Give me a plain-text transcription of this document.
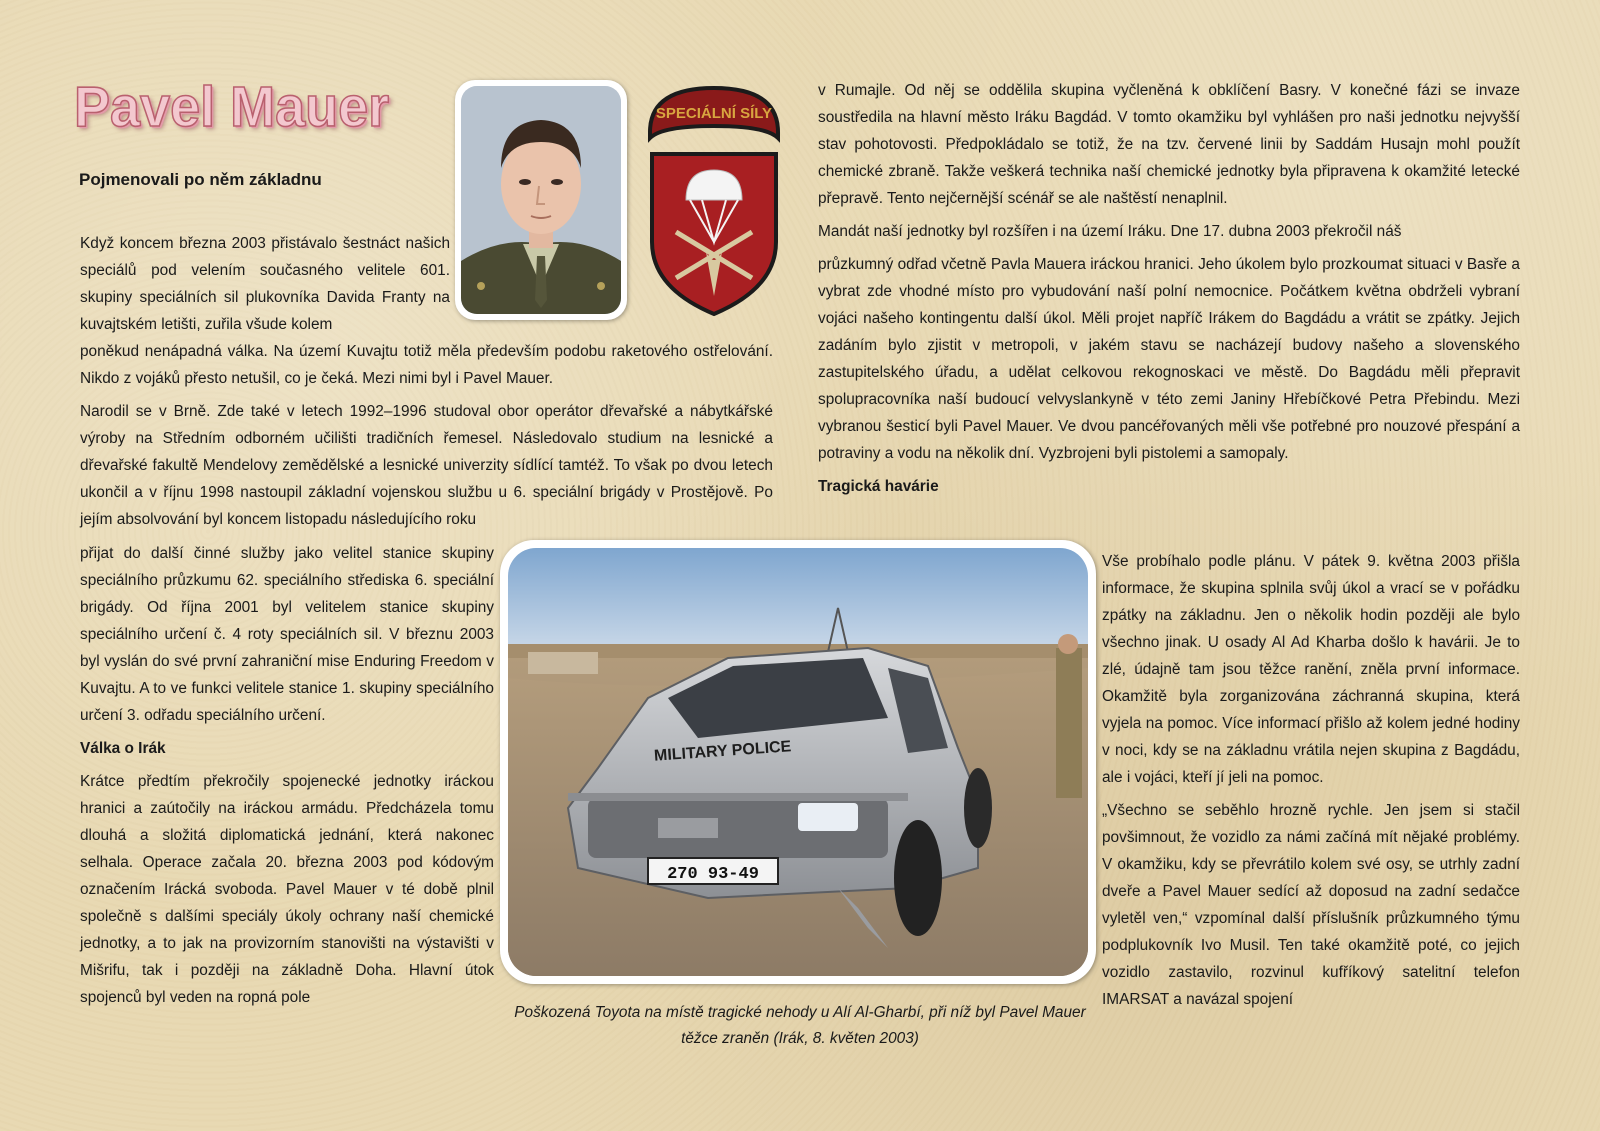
Pavel Mauer
Pojmenovali po něm základnu
SPECIÁLNÍ SÍLY
Když koncem března 2003 přistávalo šestnáct našich speciálů pod velením současného velitele 601. skupiny speciálních sil plukovníka Davida Franty na kuvajtském letišti, zuřila všude kolem

poněkud nenápadná válka. Na území Kuvajtu totiž měla především podobu raketového ostřelování. Nikdo z vojáků přesto netušil, co je čeká. Mezi nimi byl i Pavel Mauer.

Narodil se v Brně. Zde také v letech 1992–1996 studoval obor operátor dřevařské a nábytkářské výroby na Středním odborném učilišti tradičních řemesel. Následovalo studium na lesnické a dřevařské fakultě Mendelovy zemědělské a lesnické univerzity sídlící tamtéž. To však po dvou letech ukončil a v říjnu 1998 nastoupil základní vojenskou službu u 6. speciální brigády v Prostějově. Po jejím absolvování byl koncem listopadu následujícího roku

přijat do další činné služby jako velitel stanice skupiny speciálního průzkumu 62. speciálního střediska 6. speciální brigády. Od října 2001 byl velitelem stanice skupiny speciálního určení č. 4 roty speciálních sil. V březnu 2003 byl vyslán do své první zahraniční mise Enduring Freedom v Kuvajtu. A to ve funkci velitele stanice 1. skupiny speciálního určení 3. odřadu speciálního určení.

Válka o Irák

Krátce předtím překročily spojenecké jednotky iráckou hranici a zaútočily na iráckou armádu. Předcházela tomu dlouhá a složitá diplomatická jednání, která nakonec selhala. Operace začala 20. března 2003 pod kódovým označením Irácká svoboda. Pavel Mauer v té době plnil společně s dalšími speciály úkoly ochrany naší chemické jednotky, a to jak na provizorním stanovišti na výstavišti v Mišrifu, tak i později na základně Doha. Hlavní útok spojenců byl veden na ropná pole

v Rumajle. Od něj se oddělila skupina vyčleněná k obklíčení Basry. V konečné fázi se invaze soustředila na hlavní město Iráku Bagdád. V tomto okamžiku byl vyhlášen pro naši jednotku nejvyšší stav pohotovosti. Předpokládalo se totiž, že na tzv. červené linii by Saddám Husajn mohl použít chemické zbraně. Takže veškerá technika naší chemické jednotky byla připravena k okamžité letecké přepravě. Tento nejčernější scénář se ale naštěstí nenaplnil.

Mandát naší jednotky byl rozšířen i na území Iráku. Dne 17. dubna 2003 překročil náš

průzkumný odřad včetně Pavla Mauera iráckou hranici. Jeho úkolem bylo prozkoumat situaci v Basře a vybrat zde vhodné místo pro vybudování naší polní nemocnice. Počátkem května obdrželi vybraní vojáci našeho kontingentu další úkol. Měli projet napříč Irákem do Bagdádu a vrátit se zpátky. Jejich zadáním bylo zjistit v metropoli, v jakém stavu se nacházejí budovy našeho a slovenského zastupitelského úřadu, a udělat celkovou rekognoskaci ve městě. Do Bagdádu měli přepravit spolupracovníka naší budoucí velvyslankyně v této zemi Janiny Hřebíčkové Petra Přebindu. Mezi vybranou šesticí byli Pavel Mauer. Ve dvou pancéřovaných měli vše potřebné pro nouzové přespání a potraviny a vodu na několik dní. Vyzbrojeni byli pistolemi a samopaly.

Tragická havárie

Vše probíhalo podle plánu. V pátek 9. května 2003 přišla informace, že skupina splnila svůj úkol a vrací se v pořádku zpátky na základnu. Jen o několik hodin později ale bylo všechno jinak. U osady Al Ad Kharba došlo k havárii. Je to zlé, údajně tam jsou těžce ranění, zněla první informace. Okamžitě byla zorganizována záchranná skupina, která vyjela na pomoc. Více informací přišlo až kolem jedné hodiny v noci, kdy se na základnu vrátila nejen skupina z Bagdádu, ale i vojáci, kteří jí jeli na pomoc.

„Všechno se seběhlo hrozně rychle. Jen jsem si stačil povšimnout, že vozidlo za námi začíná mít nějaké problémy. V okamžiku, kdy se převrátilo kolem své osy, se utrhly zadní dveře a Pavel Mauer sedící až doposud na zadní sedačce vyletěl ven,“ vzpomínal další příslušník průzkumného týmu podplukovník Ivo Musil. Ten také okamžitě poté, co jejich vozidlo zastavilo, rozvinul kufříkový satelitní telefon IMARSAT a navázal spojení

270 93-49
MILITARY POLICE
Poškozená Toyota na místě tragické nehody u Alí Al-Gharbí, při níž byl Pavel Mauer těžce zraněn (Irák, 8. květen 2003)
